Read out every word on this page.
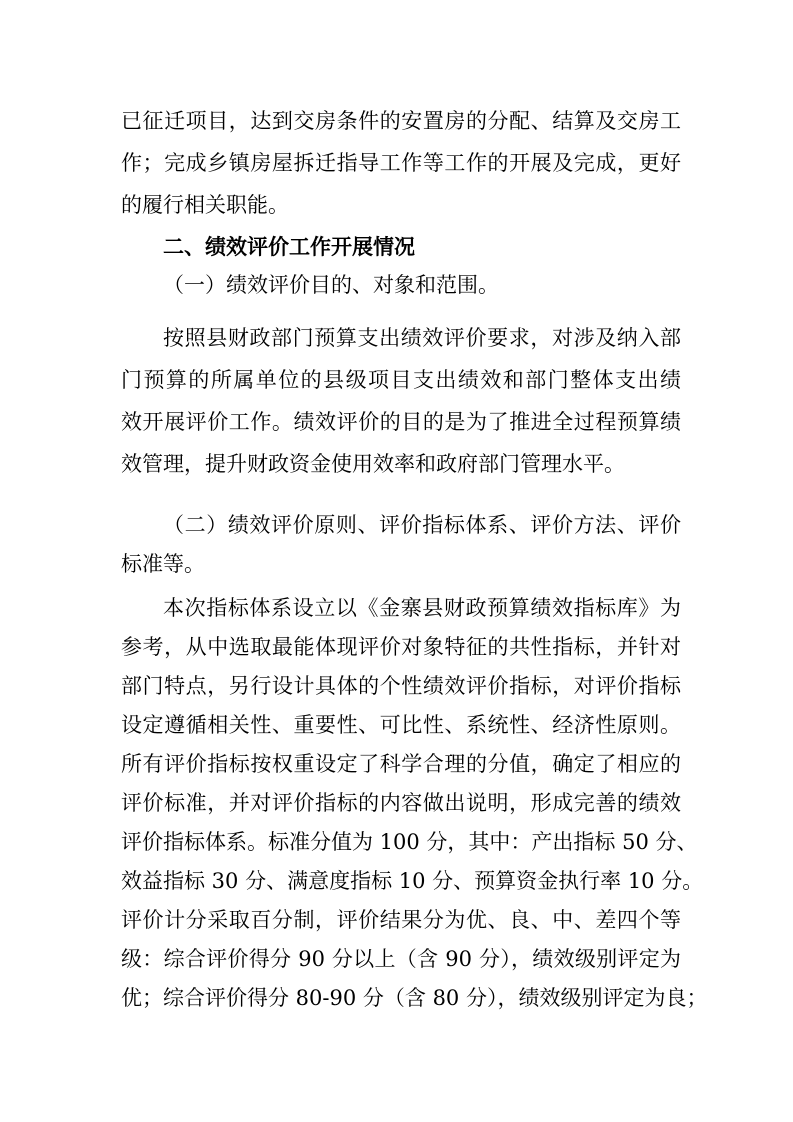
已征迁项目，达到交房条件的安置房的分配、结算及交房工
作；完成乡镇房屋拆迁指导工作等工作的开展及完成，更好
的履行相关职能。
二、绩效评价工作开展情况
（一）绩效评价目的、对象和范围。
按照县财政部门预算支出绩效评价要求，对涉及纳入部
门预算的所属单位的县级项目支出绩效和部门整体支出绩
效开展评价工作。绩效评价的目的是为了推进全过程预算绩
效管理，提升财政资金使用效率和政府部门管理水平。
（二）绩效评价原则、评价指标体系、评价方法、评价
标准等。
本次指标体系设立以《金寨县财政预算绩效指标库》为
参考，从中选取最能体现评价对象特征的共性指标，并针对
部门特点，另行设计具体的个性绩效评价指标，对评价指标
设定遵循相关性、重要性、可比性、系统性、经济性原则。
所有评价指标按权重设定了科学合理的分值，确定了相应的
评价标准，并对评价指标的内容做出说明，形成完善的绩效
评价指标体系。标准分值为 100 分，其中：产出指标 50 分、
效益指标 30 分、满意度指标 10 分、预算资金执行率 10 分。
评价计分采取百分制，评价结果分为优、良、中、差四个等
级：综合评价得分 90 分以上（含 90 分），绩效级别评定为
优；综合评价得分 80-90 分（含 80 分），绩效级别评定为良；
